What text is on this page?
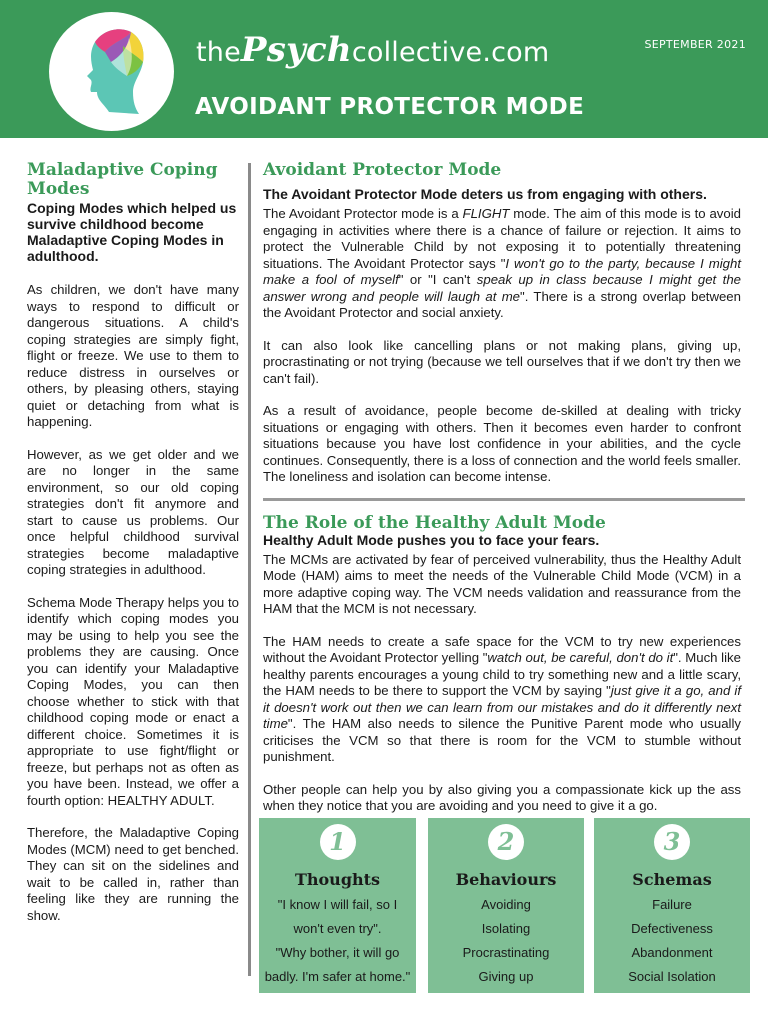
thePsychcollective.com
AVOIDANT PROTECTOR MODE
SEPTEMBER 2021
Maladaptive Coping Modes
Coping Modes which helped us survive childhood become Maladaptive Coping Modes in adulthood.

As children, we don't have many ways to respond to difficult or dangerous situations. A child's coping strategies are simply fight, flight or freeze. We use to them to reduce distress in ourselves or others, by pleasing others, staying quiet or detaching from what is happening.

However, as we get older and we are no longer in the same environment, so our old coping strategies don't fit anymore and start to cause us problems. Our once helpful childhood survival strategies become maladaptive coping strategies in adulthood.

Schema Mode Therapy helps you to identify which coping modes you may be using to help you see the problems they are causing. Once you can identify your Maladaptive Coping Modes, you can then choose whether to stick with that childhood coping mode or enact a different choice. Sometimes it is appropriate to use fight/flight or freeze, but perhaps not as often as you have been. Instead, we offer a fourth option: HEALTHY ADULT.

Therefore, the Maladaptive Coping Modes (MCM) need to get benched. They can sit on the sidelines and wait to be called in, rather than feeling like they are running the show.

Avoidant Protector Mode
The Avoidant Protector Mode deters us from engaging with others.

The Avoidant Protector mode is a FLIGHT mode. The aim of this mode is to avoid engaging in activities where there is a chance of failure or rejection. It aims to protect the Vulnerable Child by not exposing it to potentially threatening situations. The Avoidant Protector says "I won't go to the party, because I might make a fool of myself" or "I can't speak up in class because I might get the answer wrong and people will laugh at me". There is a strong overlap between the Avoidant Protector and social anxiety.

It can also look like cancelling plans or not making plans, giving up, procrastinating or not trying (because we tell ourselves that if we don't try then we can't fail).

As a result of avoidance, people become de-skilled at dealing with tricky situations or engaging with others. Then it becomes even harder to confront situations because you have lost confidence in your abilities, and the cycle continues. Consequently, there is a loss of connection and the world feels smaller. The loneliness and isolation can become intense.

The Role of the Healthy Adult Mode
Healthy Adult Mode pushes you to face your fears.

The MCMs are activated by fear of perceived vulnerability, thus the Healthy Adult Mode (HAM) aims to meet the needs of the Vulnerable Child Mode (VCM) in a more adaptive coping way. The VCM needs validation and reassurance from the HAM that the MCM is not necessary.

The HAM needs to create a safe space for the VCM to try new experiences without the Avoidant Protector yelling "watch out, be careful, don't do it". Much like healthy parents encourages a young child to try something new and a little scary, the HAM needs to be there to support the VCM by saying "just give it a go, and if it doesn't work out then we can learn from our mistakes and do it differently next time". The HAM also needs to silence the Punitive Parent mode who usually criticises the VCM so that there is room for the VCM to stumble without punishment.

Other people can help you by also giving you a compassionate kick up the ass when they notice that you are avoiding and you need to give it a go.

1
Thoughts
"I know I will fail, so I
won't even try".
"Why bother, it will go
badly. I'm safer at home."
2
Behaviours
Avoiding
Isolating
Procrastinating
Giving up
3
Schemas
Failure
Defectiveness
Abandonment
Social Isolation
